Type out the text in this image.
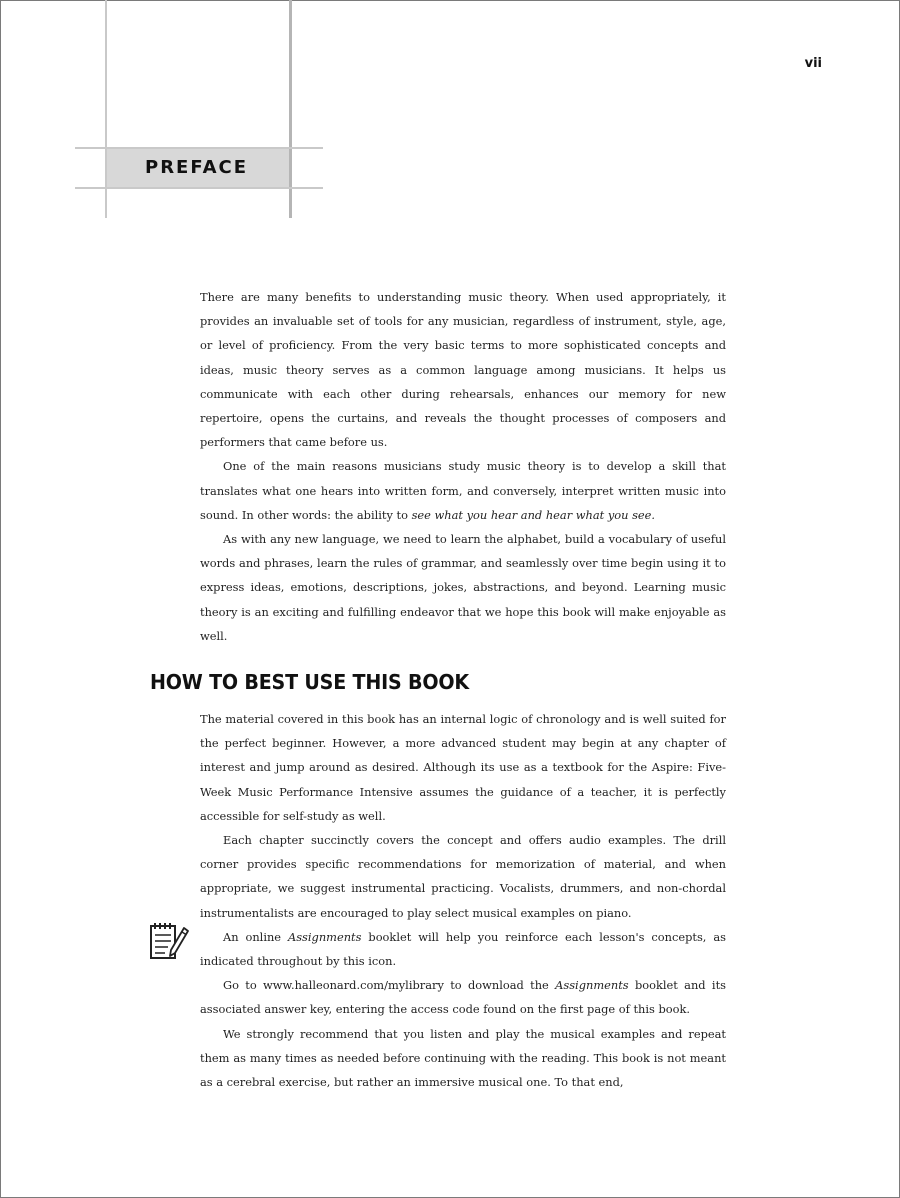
PREFACE
vii

There are many benefits to understanding music theory. When used appropriately, it provides an invaluable set of tools for any musician, regardless of instrument, style, age, or level of proficiency. From the very basic terms to more sophisticated concepts and ideas, music theory serves as a common language among musicians. It helps us communicate with each other during rehearsals, enhances our memory for new repertoire, opens the curtains, and reveals the thought processes of composers and performers that came before us.

One of the main reasons musicians study music theory is to develop a skill that translates what one hears into written form, and conversely, interpret written music into sound. In other words: the ability to see what you hear and hear what you see.

As with any new language, we need to learn the alphabet, build a vocabulary of useful words and phrases, learn the rules of grammar, and seamlessly over time begin using it to express ideas, emotions, descriptions, jokes, abstractions, and beyond. Learning music theory is an exciting and fulfilling endeavor that we hope this book will make enjoyable as well.

HOW TO BEST USE THIS BOOK

The material covered in this book has an internal logic of chronology and is well suited for the perfect beginner. However, a more advanced student may begin at any chapter of interest and jump around as desired. Although its use as a textbook for the Aspire: Five-Week Music Performance Intensive assumes the guidance of a teacher, it is perfectly accessible for self-study as well.

Each chapter succinctly covers the concept and offers audio examples. The drill corner provides specific recommendations for memorization of material, and when appropriate, we suggest instrumental practicing. Vocalists, drummers, and non-chordal instrumentalists are encouraged to play select musical examples on piano.

An online Assignments booklet will help you reinforce each lesson's concepts, as indicated throughout by this icon.

Go to www.halleonard.com/mylibrary to download the Assignments booklet and its associated answer key, entering the access code found on the first page of this book.

We strongly recommend that you listen and play the musical examples and repeat them as many times as needed before continuing with the reading. This book is not meant as a cerebral exercise, but rather an immersive musical one. To that end,
